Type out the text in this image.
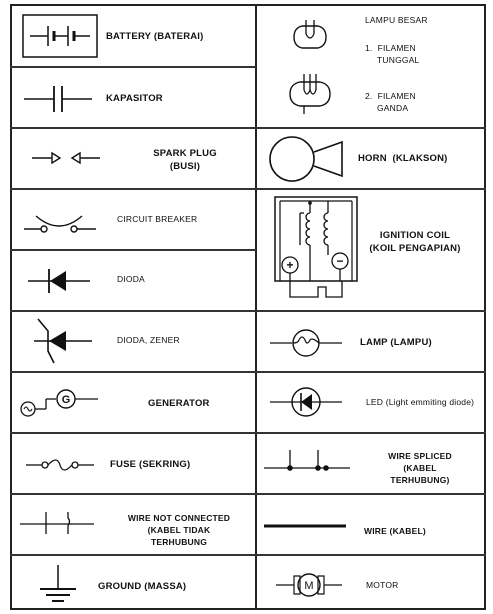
BATTERY (BATERAI)
KAPASITOR
SPARK PLUG
(BUSI)
CIRCUIT BREAKER
DIODA
DIODA, ZENER
G	GENERATOR
FUSE (SEKRING)
WIRE NOT CONNECTED
(KABEL TIDAK
TERHUBUNG
GROUND (MASSA)
LAMPU BESAR
1.  FILAMEN
TUNGGAL
2.  FILAMEN
GANDA
HORN  (KLAKSON)
+	−
IGNITION COIL
(KOIL PENGAPIAN)
LAMP (LAMPU)
LED (Light emmiting diode)
WIRE SPLICED
(KABEL
TERHUBUNG)
WIRE (KABEL)
M	MOTOR
